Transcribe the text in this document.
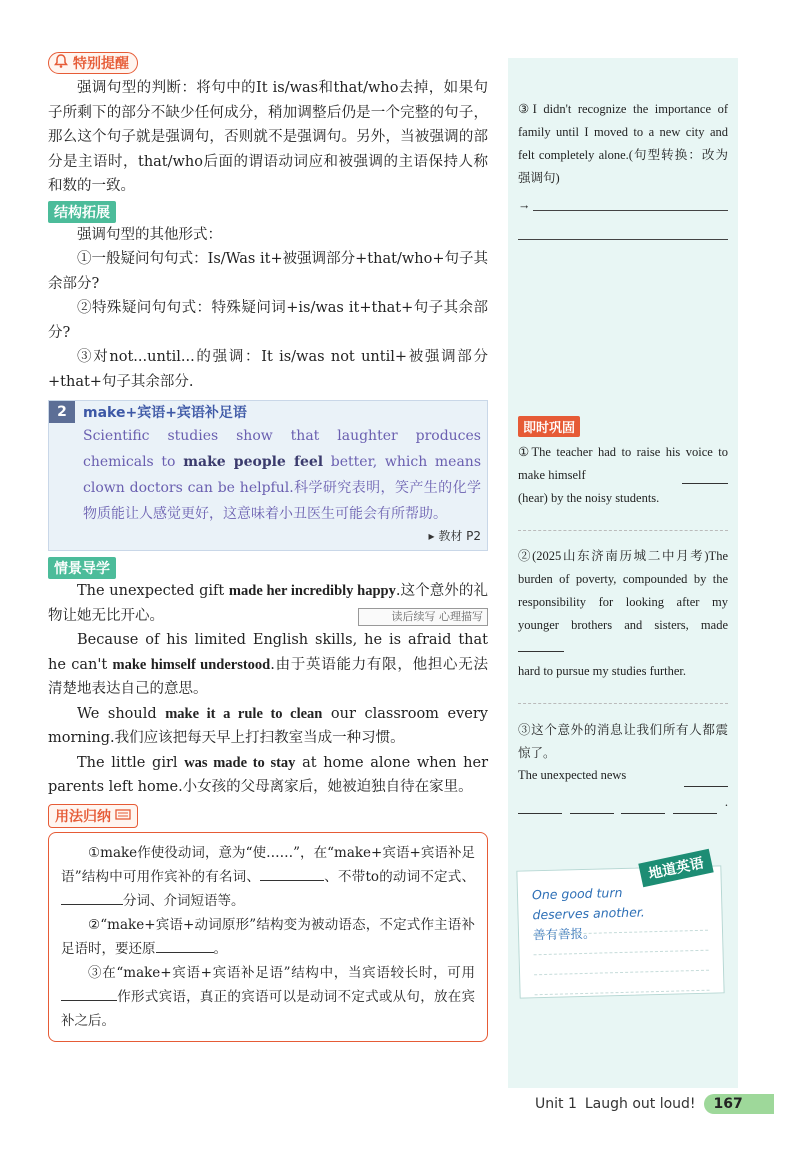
特别提醒

强调句型的判断：将句中的It is/was和that/who去掉，如果句子所剩下的部分不缺少任何成分，稍加调整后仍是一个完整的句子，那么这个句子就是强调句，否则就不是强调句。另外，当被强调的部分是主语时，that/who后面的谓语动词应和被强调的主语保持人称和数的一致。

结构拓展

强调句型的其他形式：

①一般疑问句句式：Is/Was it+被强调部分+that/who+句子其余部分?

②特殊疑问句句式：特殊疑问词+is/was it+that+句子其余部分?

③对not...until...的强调：It is/was not until+被强调部分+that+句子其余部分.

2	make+宾语+宾语补足语
Scientific studies show that laughter produces chemicals to make people feel better, which means clown doctors can be helpful.科学研究表明，笑产生的化学物质能让人感觉更好，这意味着小丑医生可能会有所帮助。
▸ 教材 P2
情景导学

The unexpected gift made her incredibly happy.这个意外的礼物让她无比开心。	读后续写 心理描写

Because of his limited English skills, he is afraid that he can't make himself understood.由于英语能力有限，他担心无法清楚地表达自己的意思。

We should make it a rule to clean our classroom every morning.我们应该把每天早上打扫教室当成一种习惯。

The little girl was made to stay at home alone when her parents left home.小女孩的父母离家后，她被迫独自待在家里。

用法归纳

①make作使役动词，意为“使……”，在“make+宾语+宾语补足语”结构中可用作宾补的有名词、	、不带to的动词不定式、分词、介词短语等。

②“make+宾语+动词原形”结构变为被动语态，不定式作主语补足语时，要还原	。

③在“make+宾语+宾语补足语”结构中，当宾语较长时，可用作形式宾语，真正的宾语可以是动词不定式或从句，放在宾补之后。

③I didn't recognize the importance of family until I moved to a new city and felt completely alone.(句型转换：改为强调句)

→
即时巩固

①The teacher had to raise his voice to make himself

(hear) by the noisy students.

②(2025山东济南历城二中月考)The burden of poverty, compounded by the responsibility for looking after my younger brothers and sisters, made

hard to pursue my studies further.

③这个意外的消息让我们所有人都震惊了。

The unexpected news
.
One good turn deserves another.
善有善报。
地道英语
Unit 1 Laugh out loud!	167
